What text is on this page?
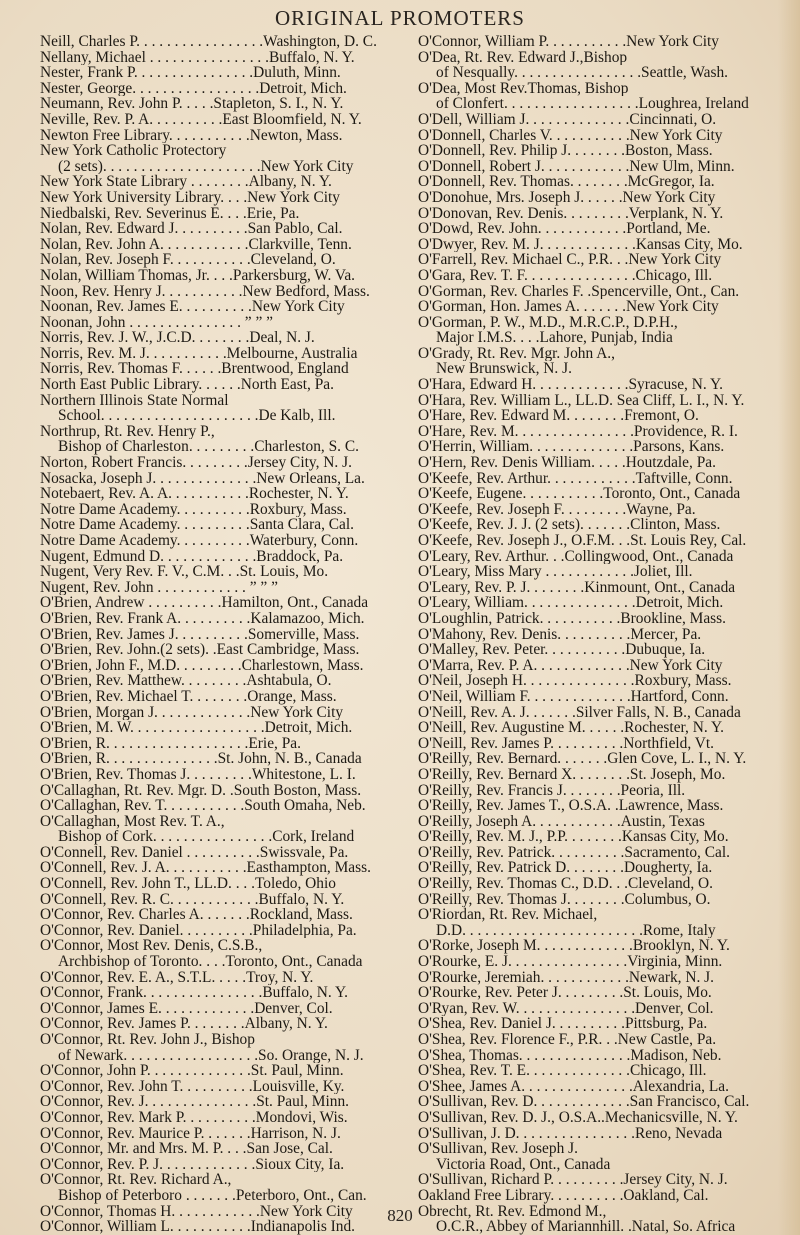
ORIGINAL PROMOTERS
Neill, Charles P. . . . . . . . . . . . . . . . .Washington, D. C.
Nellany, Michael . . . . . . . . . . . . . . . .Buffalo, N. Y.
Nester, Frank P. . . . . . . . . . . . . . . .Duluth, Minn.
Nester, George. . . . . . . . . . . . . . . . .Detroit, Mich.
Neumann, Rev. John P. . . . .Stapleton, S. I., N. Y.
Neville, Rev. P. A. . . . . . . . . .East Bloomfield, N. Y.
Newton Free Library. . . . . . . . . . .Newton, Mass.
New York Catholic Protectory
(2 sets). . . . . . . . . . . . . . . . . . . . .New York City
New York State Library . . . . . . . .Albany, N. Y.
New York University Library. . . .New York City
Niedbalski, Rev. Severinus E. . . .Erie, Pa.
Nolan, Rev. Edward J. . . . . . . . . .San Pablo, Cal.
Nolan, Rev. John A. . . . . . . . . . . .Clarkville, Tenn.
Nolan, Rev. Joseph F. . . . . . . . . . .Cleveland, O.
Nolan, William Thomas, Jr. . . .Parkersburg, W. Va.
Noon, Rev. Henry J. . . . . . . . . . .New Bedford, Mass.
Noonan, Rev. James E. . . . . . . . . .New York City
Noonan, John . . . . . . . . . . . . . . . ” ” ”
Norris, Rev. J. W., J.C.D. . . . . . . .Deal, N. J.
Norris, Rev. M. J. . . . . . . . . . .Melbourne, Australia
Norris, Rev. Thomas F. . . . . .Brentwood, England
North East Public Library. . . . . .North East, Pa.
Northern Illinois State Normal
School. . . . . . . . . . . . . . . . . . . . .De Kalb, Ill.
Northrup, Rt. Rev. Henry P.,
Bishop of Charleston. . . . . . . . .Charleston, S. C.
Norton, Robert Francis. . . . . . . . .Jersey City, N. J.
Nosacka, Joseph J. . . . . . . . . . . . . .New Orleans, La.
Notebaert, Rev. A. A. . . . . . . . . . .Rochester, N. Y.
Notre Dame Academy. . . . . . . . . .Roxbury, Mass.
Notre Dame Academy. . . . . . . . . .Santa Clara, Cal.
Notre Dame Academy. . . . . . . . . .Waterbury, Conn.
Nugent, Edmund D. . . . . . . . . . . . .Braddock, Pa.
Nugent, Very Rev. F. V., C.M. . .St. Louis, Mo.
Nugent, Rev. John . . . . . . . . . . . . ” ” ”
O'Brien, Andrew . . . . . . . . . .Hamilton, Ont., Canada
O'Brien, Rev. Frank A. . . . . . . . . .Kalamazoo, Mich.
O'Brien, Rev. James J. . . . . . . . . .Somerville, Mass.
O'Brien, Rev. John.(2 sets). .East Cambridge, Mass.
O'Brien, John F., M.D. . . . . . . . .Charlestown, Mass.
O'Brien, Rev. Matthew. . . . . . . . .Ashtabula, O.
O'Brien, Rev. Michael T. . . . . . . .Orange, Mass.
O'Brien, Morgan J. . . . . . . . . . . . .New York City
O'Brien, M. W. . . . . . . . . . . . . . . . . .Detroit, Mich.
O'Brien, R. . . . . . . . . . . . . . . . . . .Erie, Pa.
O'Brien, R. . . . . . . . . . . . . . .St. John, N. B., Canada
O'Brien, Rev. Thomas J. . . . . . . . .Whitestone, L. I.
O'Callaghan, Rt. Rev. Mgr. D. .South Boston, Mass.
O'Callaghan, Rev. T. . . . . . . . . . .South Omaha, Neb.
O'Callaghan, Most Rev. T. A.,
Bishop of Cork. . . . . . . . . . . . . . . .Cork, Ireland
O'Connell, Rev. Daniel . . . . . . . . . .Swissvale, Pa.
O'Connell, Rev. J. A. . . . . . . . . . .Easthampton, Mass.
O'Connell, Rev. John T., LL.D. . . .Toledo, Ohio
O'Connell, Rev. R. C. . . . . . . . . . . .Buffalo, N. Y.
O'Connor, Rev. Charles A. . . . . . .Rockland, Mass.
O'Connor, Rev. Daniel. . . . . . . . . .Philadelphia, Pa.
O'Connor, Most Rev. Denis, C.S.B.,
Archbishop of Toronto. . . .Toronto, Ont., Canada
O'Connor, Rev. E. A., S.T.L. . . . .Troy, N. Y.
O'Connor, Frank. . . . . . . . . . . . . . . .Buffalo, N. Y.
O'Connor, James E. . . . . . . . . . . . .Denver, Col.
O'Connor, Rev. James P. . . . . . . .Albany, N. Y.
O'Connor, Rt. Rev. John J., Bishop
of Newark. . . . . . . . . . . . . . . . . .So. Orange, N. J.
O'Connor, John P. . . . . . . . . . . . . .St. Paul, Minn.
O'Connor, Rev. John T. . . . . . . . . .Louisville, Ky.
O'Connor, Rev. J. . . . . . . . . . . . . . .St. Paul, Minn.
O'Connor, Rev. Mark P. . . . . . . . . .Mondovi, Wis.
O'Connor, Rev. Maurice P. . . . . . .Harrison, N. J.
O'Connor, Mr. and Mrs. M. P. . . .San Jose, Cal.
O'Connor, Rev. P. J. . . . . . . . . . . . .Sioux City, Ia.
O'Connor, Rt. Rev. Richard A.,
Bishop of Peterboro . . . . . . .Peterboro, Ont., Can.
O'Connor, Thomas H. . . . . . . . . . . .New York City
O'Connor, William L. . . . . . . . . . .Indianapolis Ind.
O'Connor, William P. . . . . . . . . . .New York City
O'Dea, Rt. Rev. Edward J.,Bishop
of Nesqually. . . . . . . . . . . . . . . . .Seattle, Wash.
O'Dea, Most Rev.Thomas, Bishop
of Clonfert. . . . . . . . . . . . . . . . . .Loughrea, Ireland
O'Dell, William J. . . . . . . . . . . . . .Cincinnati, O.
O'Donnell, Charles V. . . . . . . . . . .New York City
O'Donnell, Rev. Philip J. . . . . . . .Boston, Mass.
O'Donnell, Robert J. . . . . . . . . . . .New Ulm, Minn.
O'Donnell, Rev. Thomas. . . . . . . .McGregor, Ia.
O'Donohue, Mrs. Joseph J. . . . . .New York City
O'Donovan, Rev. Denis. . . . . . . . .Verplank, N. Y.
O'Dowd, Rev. John. . . . . . . . . . . .Portland, Me.
O'Dwyer, Rev. M. J. . . . . . . . . . . . .Kansas City, Mo.
O'Farrell, Rev. Michael C., P.R. . .New York City
O'Gara, Rev. T. F. . . . . . . . . . . . . . .Chicago, Ill.
O'Gorman, Rev. Charles F. .Spencerville, Ont., Can.
O'Gorman, Hon. James A. . . . . . .New York City
O'Gorman, P. W., M.D., M.R.C.P., D.P.H.,
Major I.M.S. . . .Lahore, Punjab, India
O'Grady, Rt. Rev. Mgr. John A.,
New Brunswick, N. J.
O'Hara, Edward H. . . . . . . . . . . . .Syracuse, N. Y.
O'Hara, Rev. William L., LL.D. Sea Cliff, L. I., N. Y.
O'Hare, Rev. Edward M. . . . . . . .Fremont, O.
O'Hare, Rev. M. . . . . . . . . . . . . . . .Providence, R. I.
O'Herrin, William. . . . . . . . . . . . . .Parsons, Kans.
O'Hern, Rev. Denis William. . . . .Houtzdale, Pa.
O'Keefe, Rev. Arthur. . . . . . . . . . . .Taftville, Conn.
O'Keefe, Eugene. . . . . . . . . . .Toronto, Ont., Canada
O'Keefe, Rev. Joseph F. . . . . . . . .Wayne, Pa.
O'Keefe, Rev. J. J. (2 sets). . . . . . .Clinton, Mass.
O'Keefe, Rev. Joseph J., O.F.M. . .St. Louis Rey, Cal.
O'Leary, Rev. Arthur. . .Collingwood, Ont., Canada
O'Leary, Miss Mary . . . . . . . . . . . .Joliet, Ill.
O'Leary, Rev. P. J. . . . . . . .Kinmount, Ont., Canada
O'Leary, William. . . . . . . . . . . . . . .Detroit, Mich.
O'Loughlin, Patrick. . . . . . . . . . .Brookline, Mass.
O'Mahony, Rev. Denis. . . . . . . . . .Mercer, Pa.
O'Malley, Rev. Peter. . . . . . . . . . .Dubuque, Ia.
O'Marra, Rev. P. A. . . . . . . . . . . . .New York City
O'Neil, Joseph H. . . . . . . . . . . . . . .Roxbury, Mass.
O'Neil, William F. . . . . . . . . . . . . .Hartford, Conn.
O'Neill, Rev. A. J. . . . . . .Silver Falls, N. B., Canada
O'Neill, Rev. Augustine M. . . . . .Rochester, N. Y.
O'Neill, Rev. James P. . . . . . . . . .Northfield, Vt.
O'Reilly, Rev. Bernard. . . . . . .Glen Cove, L. I., N. Y.
O'Reilly, Rev. Bernard X. . . . . . . .St. Joseph, Mo.
O'Reilly, Rev. Francis J. . . . . . . .Peoria, Ill.
O'Reilly, Rev. James T., O.S.A. .Lawrence, Mass.
O'Reilly, Joseph A. . . . . . . . . . . .Austin, Texas
O'Reilly, Rev. M. J., P.P. . . . . . . .Kansas City, Mo.
O'Reilly, Rev. Patrick. . . . . . . . . .Sacramento, Cal.
O'Reilly, Rev. Patrick D. . . . . . . .Dougherty, Ia.
O'Reilly, Rev. Thomas C., D.D. . .Cleveland, O.
O'Reilly, Rev. Thomas J. . . . . . . .Columbus, O.
O'Riordan, Rt. Rev. Michael,
D.D. . . . . . . . . . . . . . . . . . . . . . . .Rome, Italy
O'Rorke, Joseph M. . . . . . . . . . . . .Brooklyn, N. Y.
O'Rourke, E. J. . . . . . . . . . . . . . . .Virginia, Minn.
O'Rourke, Jeremiah. . . . . . . . . . . .Newark, N. J.
O'Rourke, Rev. Peter J. . . . . . . . .St. Louis, Mo.
O'Ryan, Rev. W. . . . . . . . . . . . . . . .Denver, Col.
O'Shea, Rev. Daniel J. . . . . . . . . .Pittsburg, Pa.
O'Shea, Rev. Florence F., P.R. . .New Castle, Pa.
O'Shea, Thomas. . . . . . . . . . . . . . .Madison, Neb.
O'Shea, Rev. T. E. . . . . . . . . . . . . .Chicago, Ill.
O'Shee, James A. . . . . . . . . . . . . . .Alexandria, La.
O'Sullivan, Rev. D. . . . . . . . . . . . .San Francisco, Cal.
O'Sullivan, Rev. D. J., O.S.A..Mechanicsville, N. Y.
O'Sullivan, J. D. . . . . . . . . . . . . . . .Reno, Nevada
O'Sullivan, Rev. Joseph J.
Victoria Road, Ont., Canada
O'Sullivan, Richard P. . . . . . . . . .Jersey City, N. J.
Oakland Free Library. . . . . . . . . .Oakland, Cal.
Obrecht, Rt. Rev. Edmond M.,
O.C.R., Abbey of Mariannhill. .Natal, So. Africa
820
